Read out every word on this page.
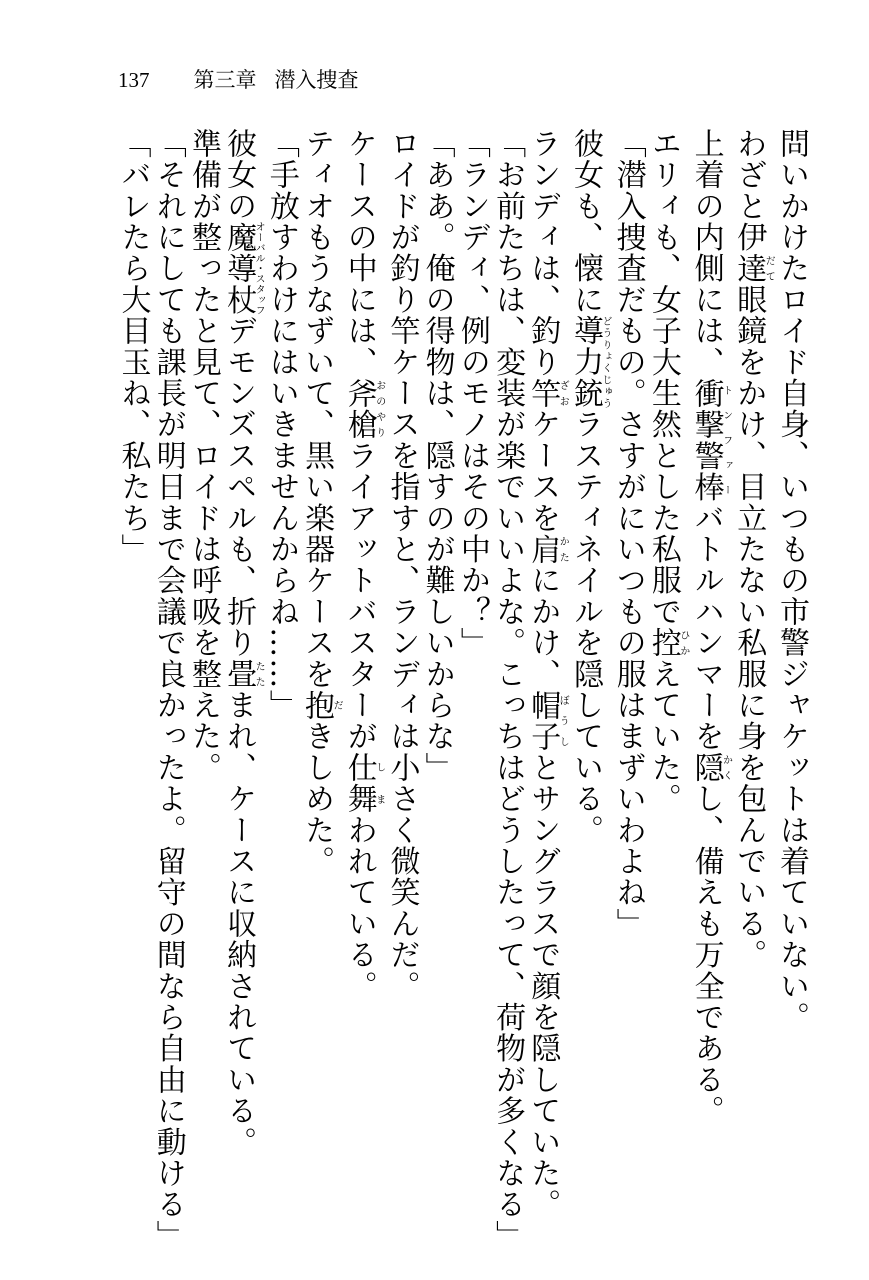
137 第三章 潜入捜査

問いかけたロイド自身、いつもの市警ジャケットは着ていない。

わざと伊達だて眼鏡をかけ、目立たない私服に身を包んでいる。

上着の内側には、衝撃警棒トンファーバトルハンマーを隠かくし、備えも万全である。

エリィも、女子大生然とした私服で控ひかえていた。

「潜入捜査だもの。さすがにいつもの服はまずいわよね」

彼女も、懐に導力銃どうりょくじゅうラスティネイルを隠している。

ランディは、釣り竿ざおケースを肩かたにかけ、帽子ぼうしとサングラスで顔を隠していた。

「お前たちは、変装が楽でいいよな。こっちはどうしたって、荷物が多くなる」

「ランディ、例のモノはその中か？」

「ああ。俺の得物は、隠すのが難しいからな」

ロイドが釣り竿ケースを指すと、ランディは小さく微笑んだ。

ケースの中には、斧槍おのやりライアットバスターが仕舞しまわれている。

ティオもうなずいて、黒い楽器ケースを抱だきしめた。

「手放すわけにはいきませんからね……」

彼女の魔導杖オーバル・スタッフデモンズスペルも、折り畳たたまれ、ケースに収納されている。

準備が整ったと見て、ロイドは呼吸を整えた。

「それにしても課長が明日まで会議で良かったよ。留守の間なら自由に動ける」

「バレたら大目玉ね、私たち」
